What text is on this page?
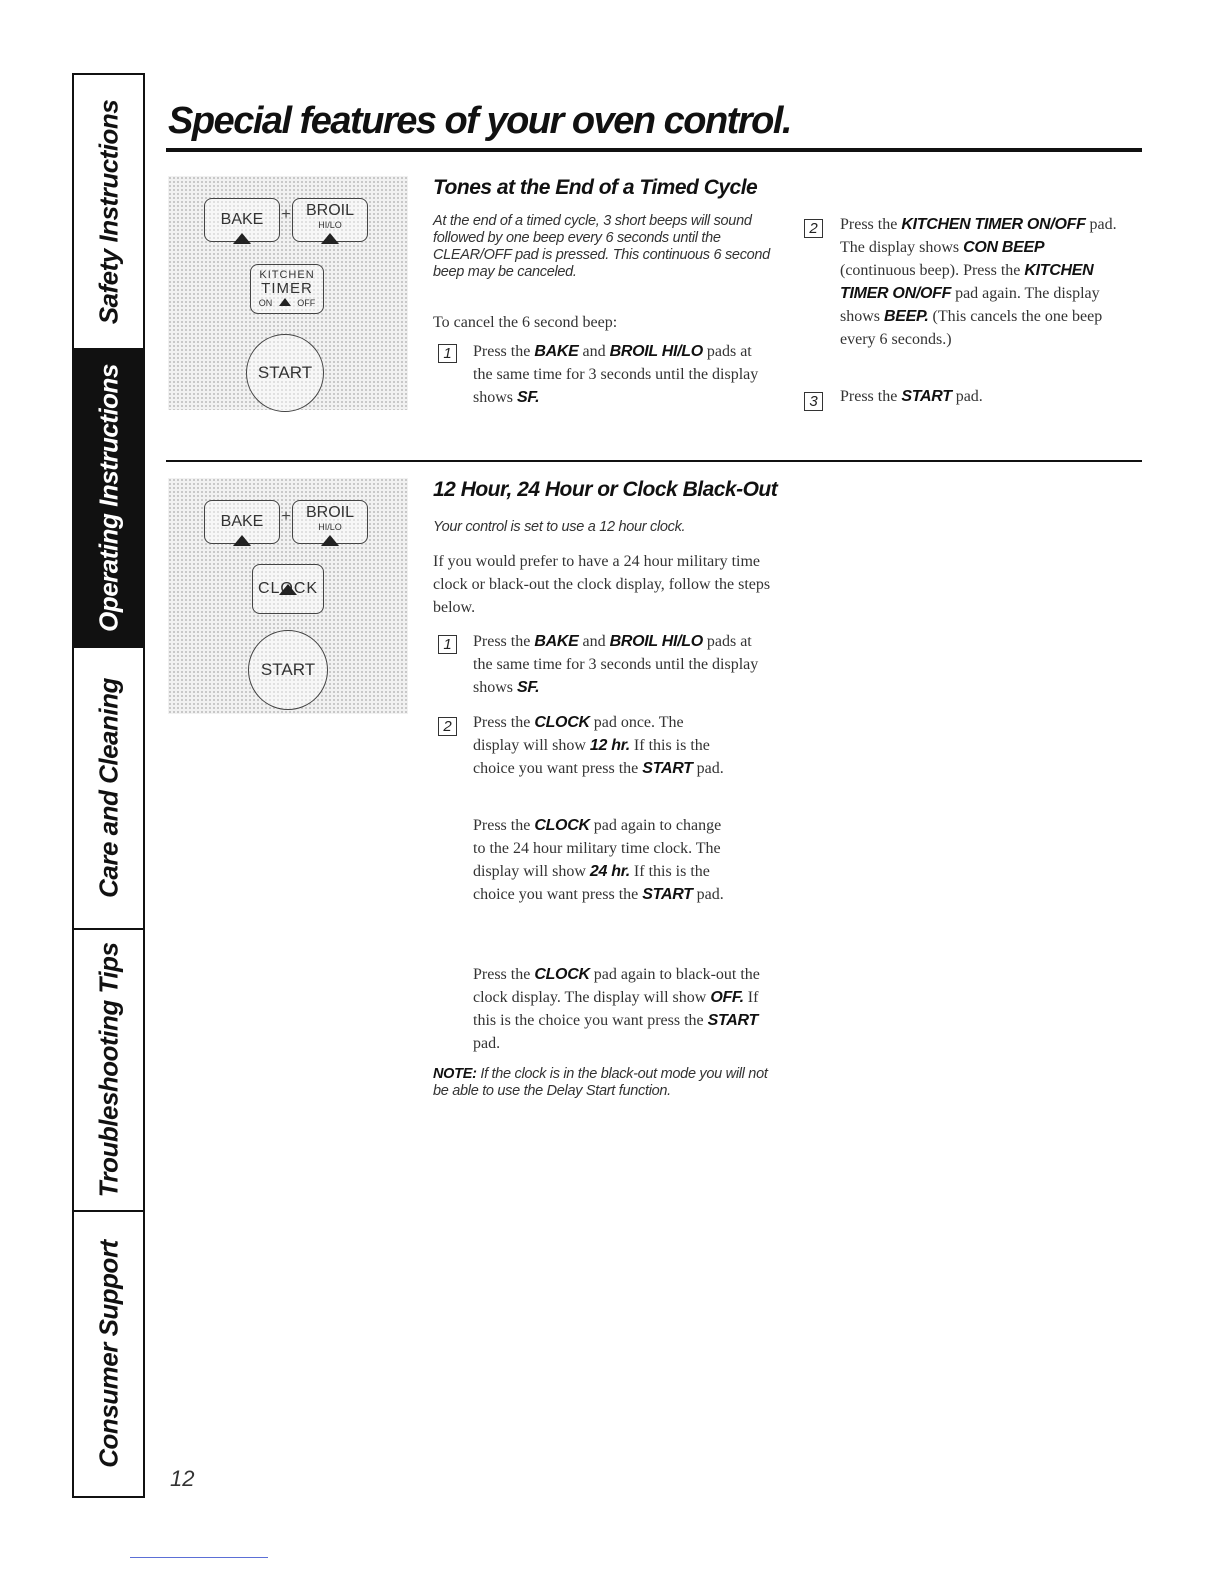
Safety Instructions
Operating Instructions
Care and Cleaning
Troubleshooting Tips
Consumer Support
Special features of your oven control.
BAKE	+ BROIL
HI/LO
KITCHEN
TIMER
ON	OFF
START
Tones at the End of a Timed Cycle
At the end of a timed cycle, 3 short beeps will sound followed by one beep every 6 seconds until the CLEAR/OFF pad is pressed. This continuous 6 second beep may be canceled.
To cancel the 6 second beep:
1	Press the BAKE and BROIL HI/LO pads at the same time for 3 seconds until the display shows SF.
2	Press the KITCHEN TIMER ON/OFF pad. The display shows CON BEEP (continuous beep). Press the KITCHEN TIMER ON/OFF pad again. The display shows BEEP. (This cancels the one beep every 6 seconds.)
3	Press the START pad.
BAKE	+ BROIL
HI/LO
CLOCK
START
12 Hour, 24 Hour or Clock Black-Out
Your control is set to use a 12 hour clock.
If you would prefer to have a 24 hour military time clock or black-out the clock display, follow the steps below.
1	Press the BAKE and BROIL HI/LO pads at the same time for 3 seconds until the display shows SF.
2	Press the CLOCK pad once. The display will show 12 hr. If this is the choice you want press the START pad.
Press the CLOCK pad again to change
to the 24 hour military time clock. The display will show 24 hr. If this is the choice you want press the START pad.
Press the CLOCK pad again to black-out the clock display. The display will show OFF. If this is the choice you want press the START pad.
NOTE: If the clock is in the black-out mode you will not be able to use the Delay Start function.
12
